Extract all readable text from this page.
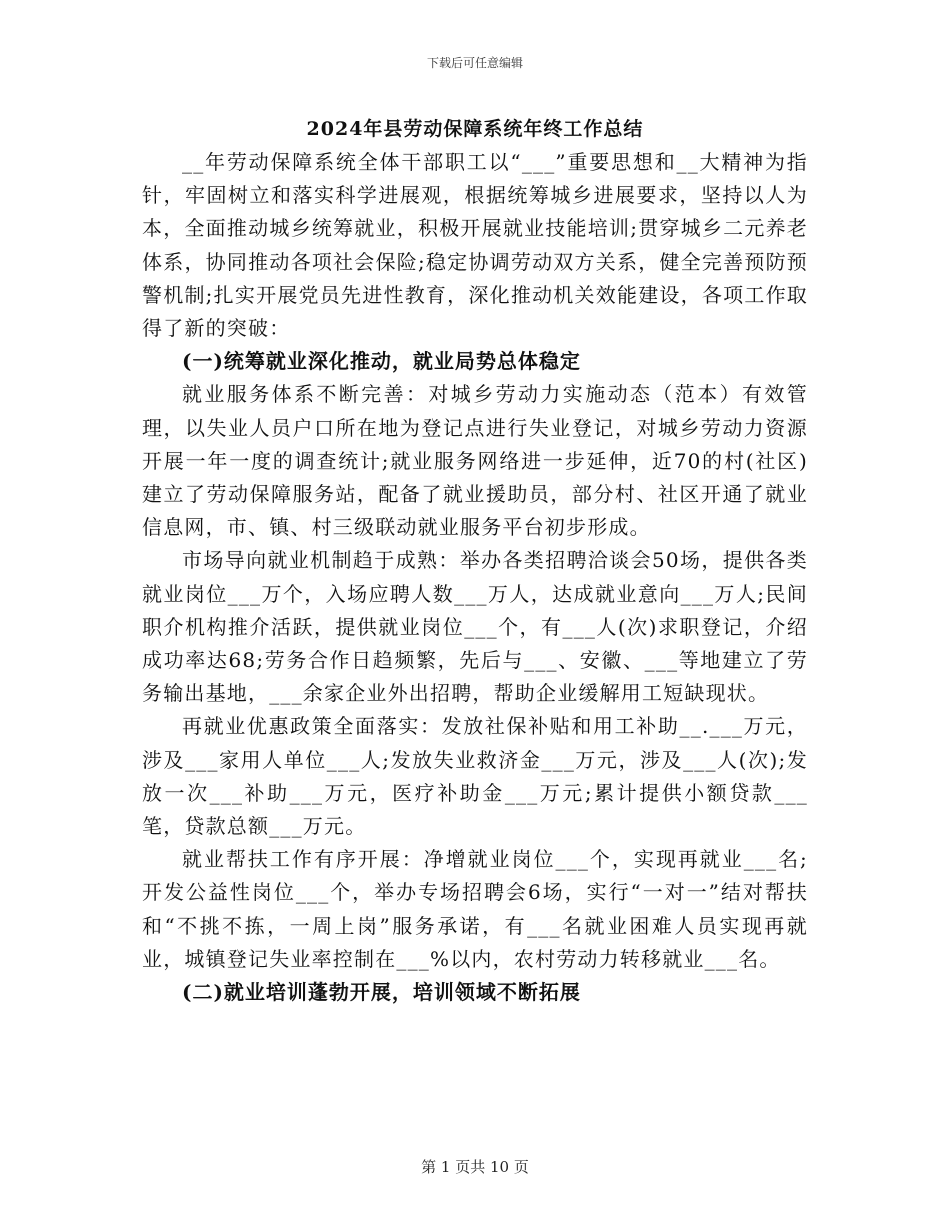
下载后可任意编辑
2024年县劳动保障系统年终工作总结

__年劳动保障系统全体干部职工以“___”重要思想和__大精神为指针，牢固树立和落实科学进展观，根据统筹城乡进展要求，坚持以人为本，全面推动城乡统筹就业，积极开展就业技能培训;贯穿城乡二元养老体系，协同推动各项社会保险;稳定协调劳动双方关系，健全完善预防预警机制;扎实开展党员先进性教育，深化推动机关效能建设，各项工作取得了新的突破：

(一)统筹就业深化推动，就业局势总体稳定

就业服务体系不断完善：对城乡劳动力实施动态（范本）有效管理，以失业人员户口所在地为登记点进行失业登记，对城乡劳动力资源开展一年一度的调查统计;就业服务网络进一步延伸，近70的村(社区)建立了劳动保障服务站，配备了就业援助员，部分村、社区开通了就业信息网，市、镇、村三级联动就业服务平台初步形成。

市场导向就业机制趋于成熟：举办各类招聘洽谈会50场，提供各类就业岗位___万个，入场应聘人数___万人，达成就业意向___万人;民间职介机构推介活跃，提供就业岗位___个，有___人(次)求职登记，介绍成功率达68;劳务合作日趋频繁，先后与___、安徽、___等地建立了劳务输出基地，___余家企业外出招聘，帮助企业缓解用工短缺现状。

再就业优惠政策全面落实：发放社保补贴和用工补助__.___万元，涉及___家用人单位___人;发放失业救济金___万元，涉及___人(次);发放一次___补助___万元，医疗补助金___万元;累计提供小额贷款___笔，贷款总额___万元。

就业帮扶工作有序开展：净增就业岗位___个，实现再就业___名;开发公益性岗位___个，举办专场招聘会6场，实行“一对一”结对帮扶和“不挑不拣，一周上岗”服务承诺，有___名就业困难人员实现再就业，城镇登记失业率控制在___%以内，农村劳动力转移就业___名。

(二)就业培训蓬勃开展，培训领域不断拓展

第 1 页共 10 页
